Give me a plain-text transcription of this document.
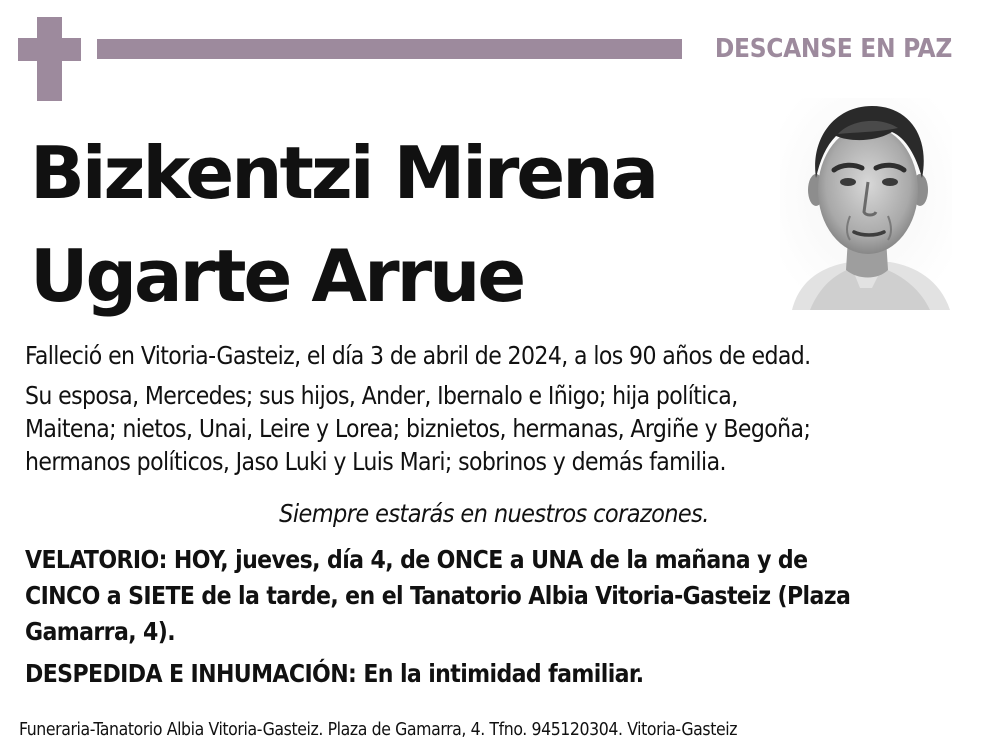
DESCANSE EN PAZ
Bizkentzi Mirena
Ugarte Arrue
Falleció en Vitoria-Gasteiz, el día 3 de abril de 2024, a los 90 años de edad.
Su esposa, Mercedes; sus hijos, Ander, Ibernalo e Iñigo; hija política,
Maitena; nietos, Unai, Leire y Lorea; biznietos, hermanas, Argiñe y Begoña;
hermanos políticos, Jaso Luki y Luis Mari; sobrinos y demás familia.
Siempre estarás en nuestros corazones.
VELATORIO: HOY, jueves, día 4, de ONCE a UNA de la mañana y de
CINCO a SIETE de la tarde, en el Tanatorio Albia Vitoria-Gasteiz (Plaza
Gamarra, 4).
DESPEDIDA E INHUMACIÓN: En la intimidad familiar.
Funeraria-Tanatorio Albia Vitoria-Gasteiz. Plaza de Gamarra, 4. Tfno. 945120304. Vitoria-Gasteiz
